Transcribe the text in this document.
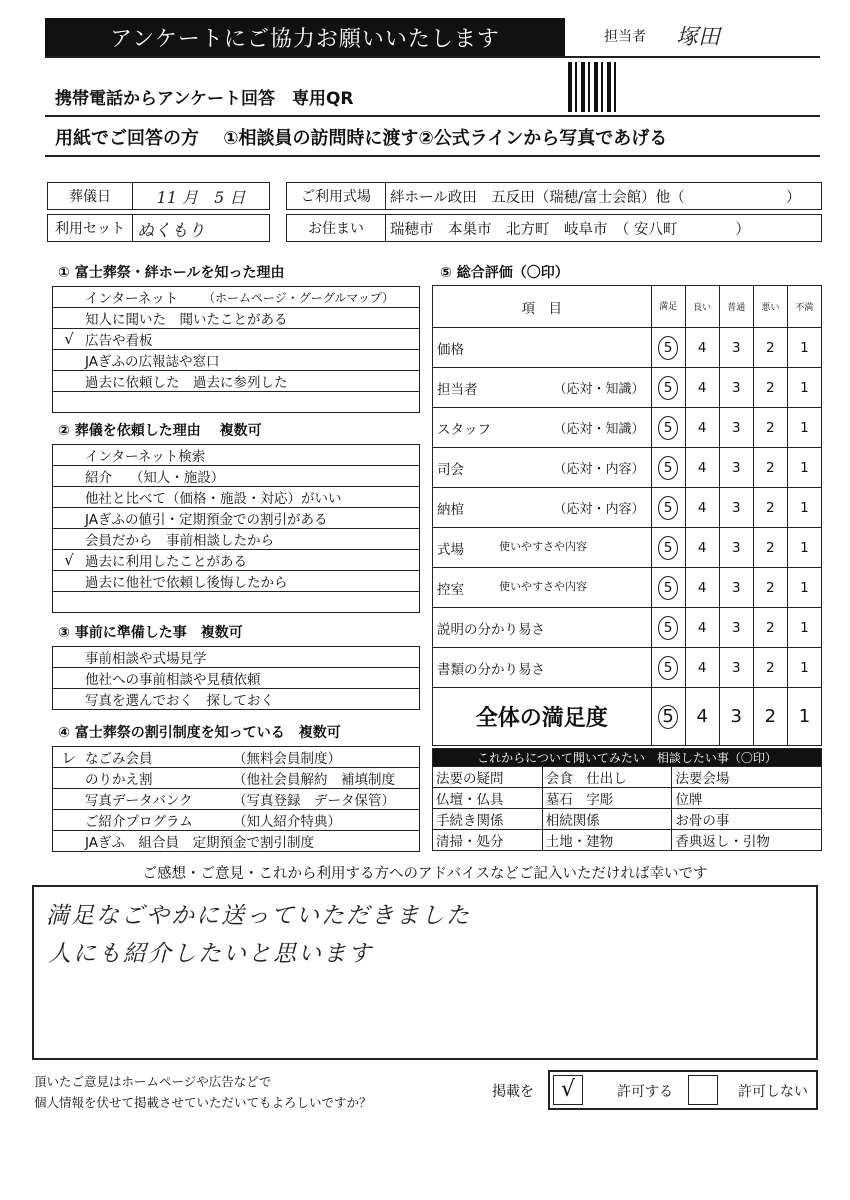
アンケートにご協力お願いいたします	担当者 塚田
携帯電話からアンケート回答　専用QR
用紙でご回答の方　 ①相談員の訪問時に渡す②公式ラインから写真であげる
葬儀日	11 月　5 日	ご利用式場	絆ホール政田　五反田（瑞穂/富士会館）他（　　　　　　　）
利用セット ぬくもり	お住まい	瑞穂市　本巣市　北方町　岐阜市　（ 安八町　　　　）
① 富士葬祭・絆ホールを知った理由
インターネット	（ホームページ・グーグルマップ）
知人に聞いた　聞いたことがある
√ 広告や看板
JAぎふの広報誌や窓口
過去に依頼した　過去に参列した
② 葬儀を依頼した理由　 複数可
インターネット検索
紹介　 （知人・施設）
他社と比べて（価格・施設・対応）がいい
JAぎふの値引・定期預金での割引がある
会員だから　事前相談したから
√ 過去に利用したことがある
過去に他社で依頼し後悔したから
③ 事前に準備した事　複数可
事前相談や式場見学
他社への事前相談や見積依頼
写真を選んでおく　探しておく
④ 富士葬祭の割引制度を知っている　複数可
レ なごみ会員	（無料会員制度）
のりかえ割	（他社会員解約　補填制度
写真データバンク	（写真登録　データ保管）
ご紹介プログラム	（知人紹介特典）
JAぎふ　組合員　定期預金で割引制度
⑤ 総合評価（〇印）
項　目	満足	良い	普通	悪い	不満
価格	5	4	3	2	1
担当者 （応対・知識）	5	4	3	2	1
スタッフ （応対・知識）	5	4	3	2	1
司会 （応対・内容）	5	4	3	2	1
納棺 （応対・内容）	5	4	3	2	1
式場 使いやすさや内容	5	4	3	2	1
控室 使いやすさや内容	5	4	3	2	1
説明の分かり易さ	5	4	3	2	1
書類の分かり易さ	5	4	3	2	1
全体の満足度	5	4	3	2	1
これからについて聞いてみたい　相談したい事（〇印）		
法要の疑問	会食　仕出し	法要会場
仏壇・仏具	墓石　字彫	位牌
手続き関係	相続関係	お骨の事
清掃・処分	土地・建物	香典返し・引物
ご感想・ご意見・これから利用する方へのアドバイスなどご記入いただければ幸いです
満足なごやかに送っていただきました
人にも紹介したいと思います
頂いたご意見はホームページや広告などで
個人情報を伏せて掲載させていただいてもよろしいですか？
掲載を	√	許可する	許可しない
